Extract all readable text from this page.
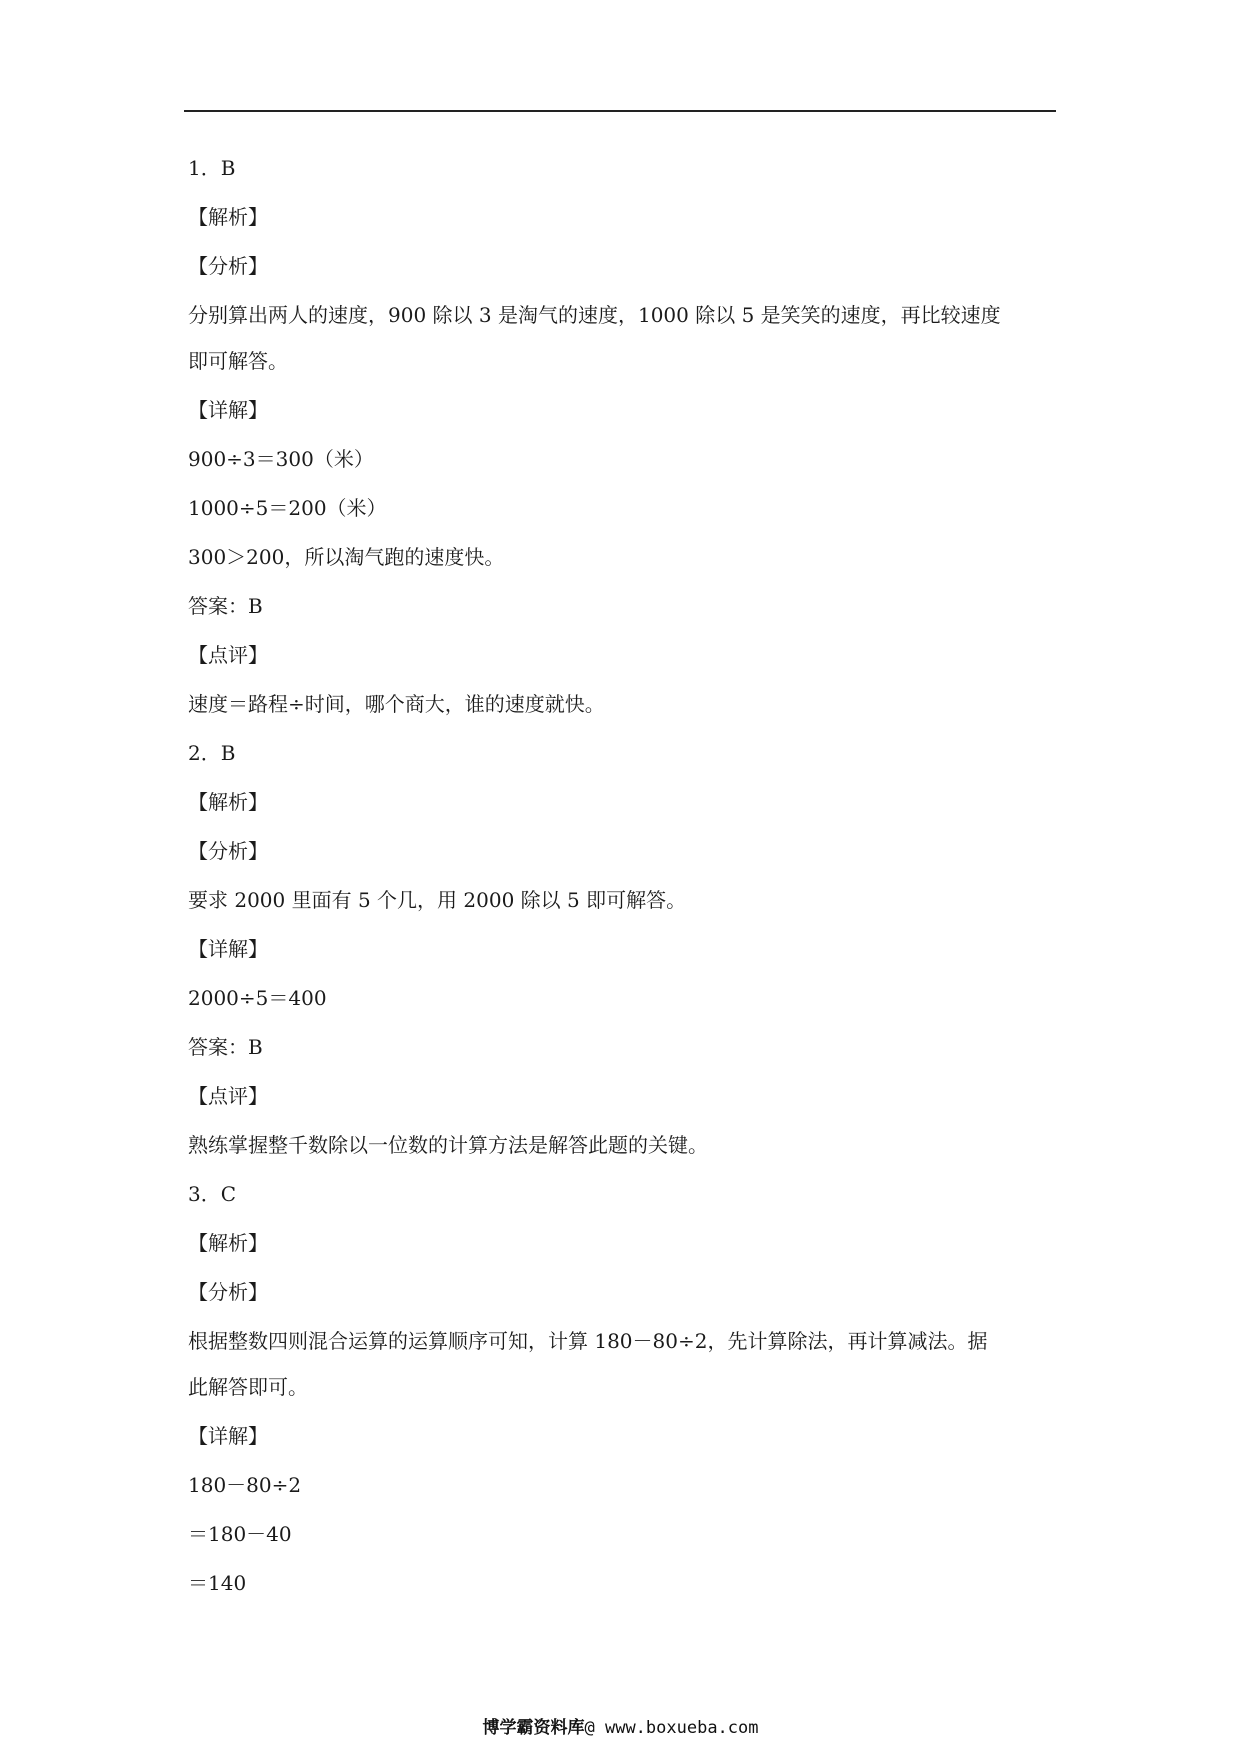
1．B
【解析】
【分析】
分别算出两人的速度，900 除以 3 是淘气的速度，1000 除以 5 是笑笑的速度，再比较速度
即可解答。
【详解】
900÷3＝300（米）
1000÷5＝200（米）
300＞200，所以淘气跑的速度快。
答案：B
【点评】
速度＝路程÷时间，哪个商大，谁的速度就快。
2．B
【解析】
【分析】
要求 2000 里面有 5 个几，用 2000 除以 5 即可解答。
【详解】
2000÷5＝400
答案：B
【点评】
熟练掌握整千数除以一位数的计算方法是解答此题的关键。
3．C
【解析】
【分析】
根据整数四则混合运算的运算顺序可知，计算 180－80÷2，先计算除法，再计算减法。据
此解答即可。
【详解】
180－80÷2
＝180－40
＝140
博学霸资料库@ www.boxueba.com
